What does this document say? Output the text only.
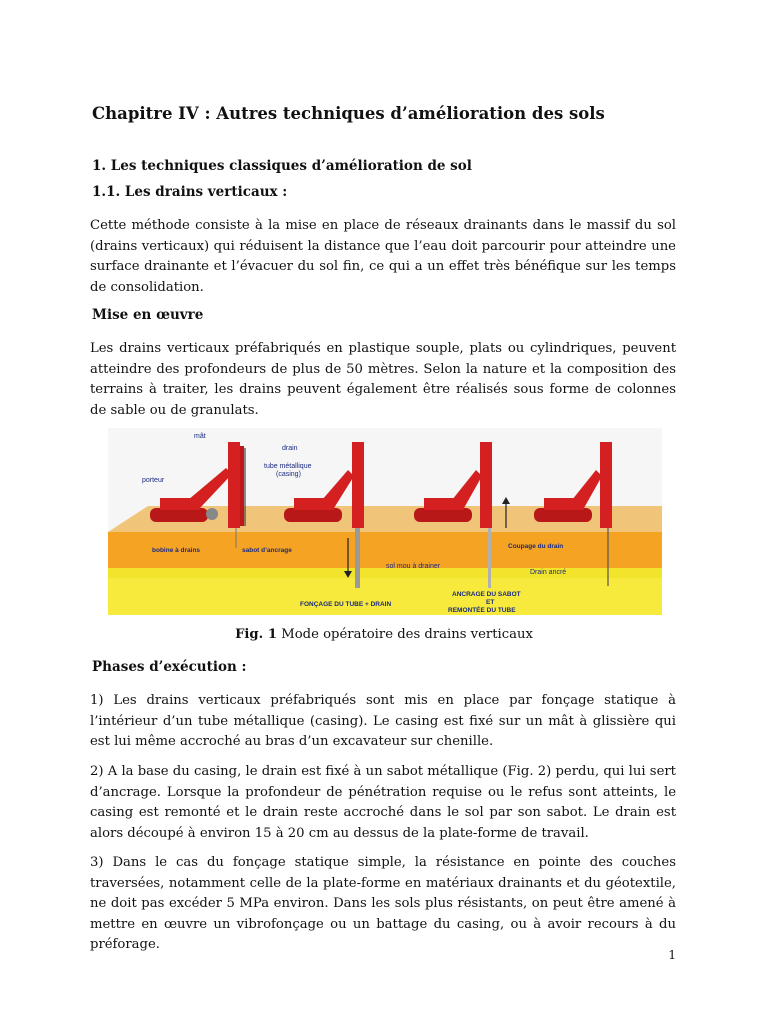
Chapitre IV : Autres techniques d’amélioration des sols
1. Les techniques classiques d’amélioration de sol
1.1. Les drains verticaux :
Cette méthode consiste à la mise en place de réseaux drainants dans le massif du sol (drains verticaux) qui réduisent la distance que l’eau doit parcourir pour atteindre une surface drainante et l’évacuer du sol fin, ce qui a un effet très bénéfique sur les temps de consolidation.
Mise en œuvre
Les drains verticaux préfabriqués en plastique souple, plats ou cylindriques, peuvent atteindre des profondeurs de plus de 50 mètres. Selon la nature et la composition des terrains à traiter, les drains peuvent également être réalisés sous forme de colonnes de sable ou de granulats.
mât
drain
tube métallique
(casing)
porteur
bobine à drains	sabot d’ancrage
sol mou à drainer
Coupage du drain
Drain ancré
FONÇAGE DU TUBE + DRAIN
ANCRAGE DU SABOT
ET
REMONTÉE DU TUBE
Fig. 1 Mode opératoire des drains verticaux
Phases d’exécution :
1) Les drains verticaux préfabriqués sont mis en place par fonçage statique à l’intérieur d’un tube métallique (casing). Le casing est fixé sur un mât à glissière qui est lui même accroché au bras d’un excavateur sur chenille.
2) A la base du casing, le drain est fixé à un sabot métallique (Fig. 2) perdu, qui lui sert d’ancrage. Lorsque la profondeur de pénétration requise ou le refus sont atteints, le casing est remonté et le drain reste accroché dans le sol par son sabot. Le drain est alors découpé à environ 15 à 20 cm au dessus de la plate-forme de travail.
3) Dans le cas du fonçage statique simple, la résistance en pointe des couches traversées, notamment celle de la plate-forme en matériaux drainants et du géotextile, ne doit pas excéder 5 MPa environ. Dans les sols plus résistants, on peut être amené à mettre en œuvre un vibrofonçage ou un battage du casing, ou à avoir recours à du préforage.
1
